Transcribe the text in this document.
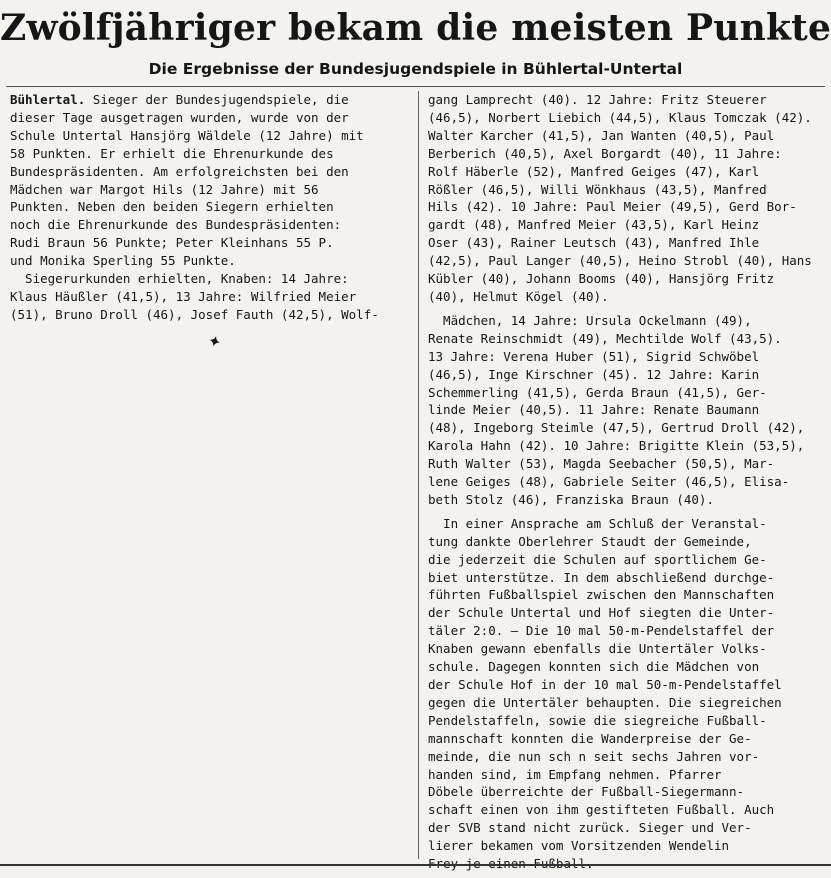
Zwölfjähriger bekam die meisten Punkte
Die Ergebnisse der Bundesjugendspiele in Bühlertal-Untertal

Bühlertal. Sieger der Bundesjugendspiele, die
dieser Tage ausgetragen wurden, wurde von der
Schule Untertal Hansjörg Wäldele (12 Jahre) mit
58 Punkten. Er erhielt die Ehrenurkunde des
Bundespräsidenten. Am erfolgreichsten bei den
Mädchen war Margot Hils (12 Jahre) mit 56
Punkten. Neben den beiden Siegern erhielten
noch die Ehrenurkunde des Bundespräsidenten:
Rudi Braun 56 Punkte; Peter Kleinhans 55 P.
und Monika Sperling 55 Punkte.

Siegerurkunden erhielten, Knaben: 14 Jahre:
Klaus Häußler (41,5), 13 Jahre: Wilfried Meier
(51), Bruno Droll (46), Josef Fauth (42,5), Wolf-

✦

gang Lamprecht (40). 12 Jahre: Fritz Steuerer
(46,5), Norbert Liebich (44,5), Klaus Tomczak (42).
Walter Karcher (41,5), Jan Wanten (40,5), Paul
Berberich (40,5), Axel Borgardt (40), 11 Jahre:
Rolf Häberle (52), Manfred Geiges (47), Karl
Rößler (46,5), Willi Wönkhaus (43,5), Manfred
Hils (42). 10 Jahre: Paul Meier (49,5), Gerd Bor-
gardt (48), Manfred Meier (43,5), Karl Heinz
Oser (43), Rainer Leutsch (43), Manfred Ihle
(42,5), Paul Langer (40,5), Heino Strobl (40), Hans
Kübler (40), Johann Booms (40), Hansjörg Fritz
(40), Helmut Kögel (40).

Mädchen, 14 Jahre: Ursula Ockelmann (49),
Renate Reinschmidt (49), Mechtilde Wolf (43,5).
13 Jahre: Verena Huber (51), Sigrid Schwöbel
(46,5), Inge Kirschner (45). 12 Jahre: Karin
Schemmerling (41,5), Gerda Braun (41,5), Ger-
linde Meier (40,5). 11 Jahre: Renate Baumann
(48), Ingeborg Steimle (47,5), Gertrud Droll (42),
Karola Hahn (42). 10 Jahre: Brigitte Klein (53,5),
Ruth Walter (53), Magda Seebacher (50,5), Mar-
lene Geiges (48), Gabriele Seiter (46,5), Elisa-
beth Stolz (46), Franziska Braun (40).

In einer Ansprache am Schluß der Veranstal-
tung dankte Oberlehrer Staudt der Gemeinde,
die jederzeit die Schulen auf sportlichem Ge-
biet unterstütze. In dem abschließend durchge-
führten Fußballspiel zwischen den Mannschaften
der Schule Untertal und Hof siegten die Unter-
täler 2:0. — Die 10 mal 50-m-Pendelstaffel der
Knaben gewann ebenfalls die Untertäler Volks-
schule. Dagegen konnten sich die Mädchen von
der Schule Hof in der 10 mal 50-m-Pendelstaffel
gegen die Untertäler behaupten. Die siegreichen
Pendelstaffeln, sowie die siegreiche Fußball-
mannschaft konnten die Wanderpreise der Ge-
meinde, die nun sch n seit sechs Jahren vor-
handen sind, im Empfang nehmen. Pfarrer
Döbele überreichte der Fußball-Siegermann-
schaft einen von ihm gestifteten Fußball. Auch
der SVB stand nicht zurück. Sieger und Ver-
lierer bekamen vom Vorsitzenden Wendelin
Frey je einen Fußball.
